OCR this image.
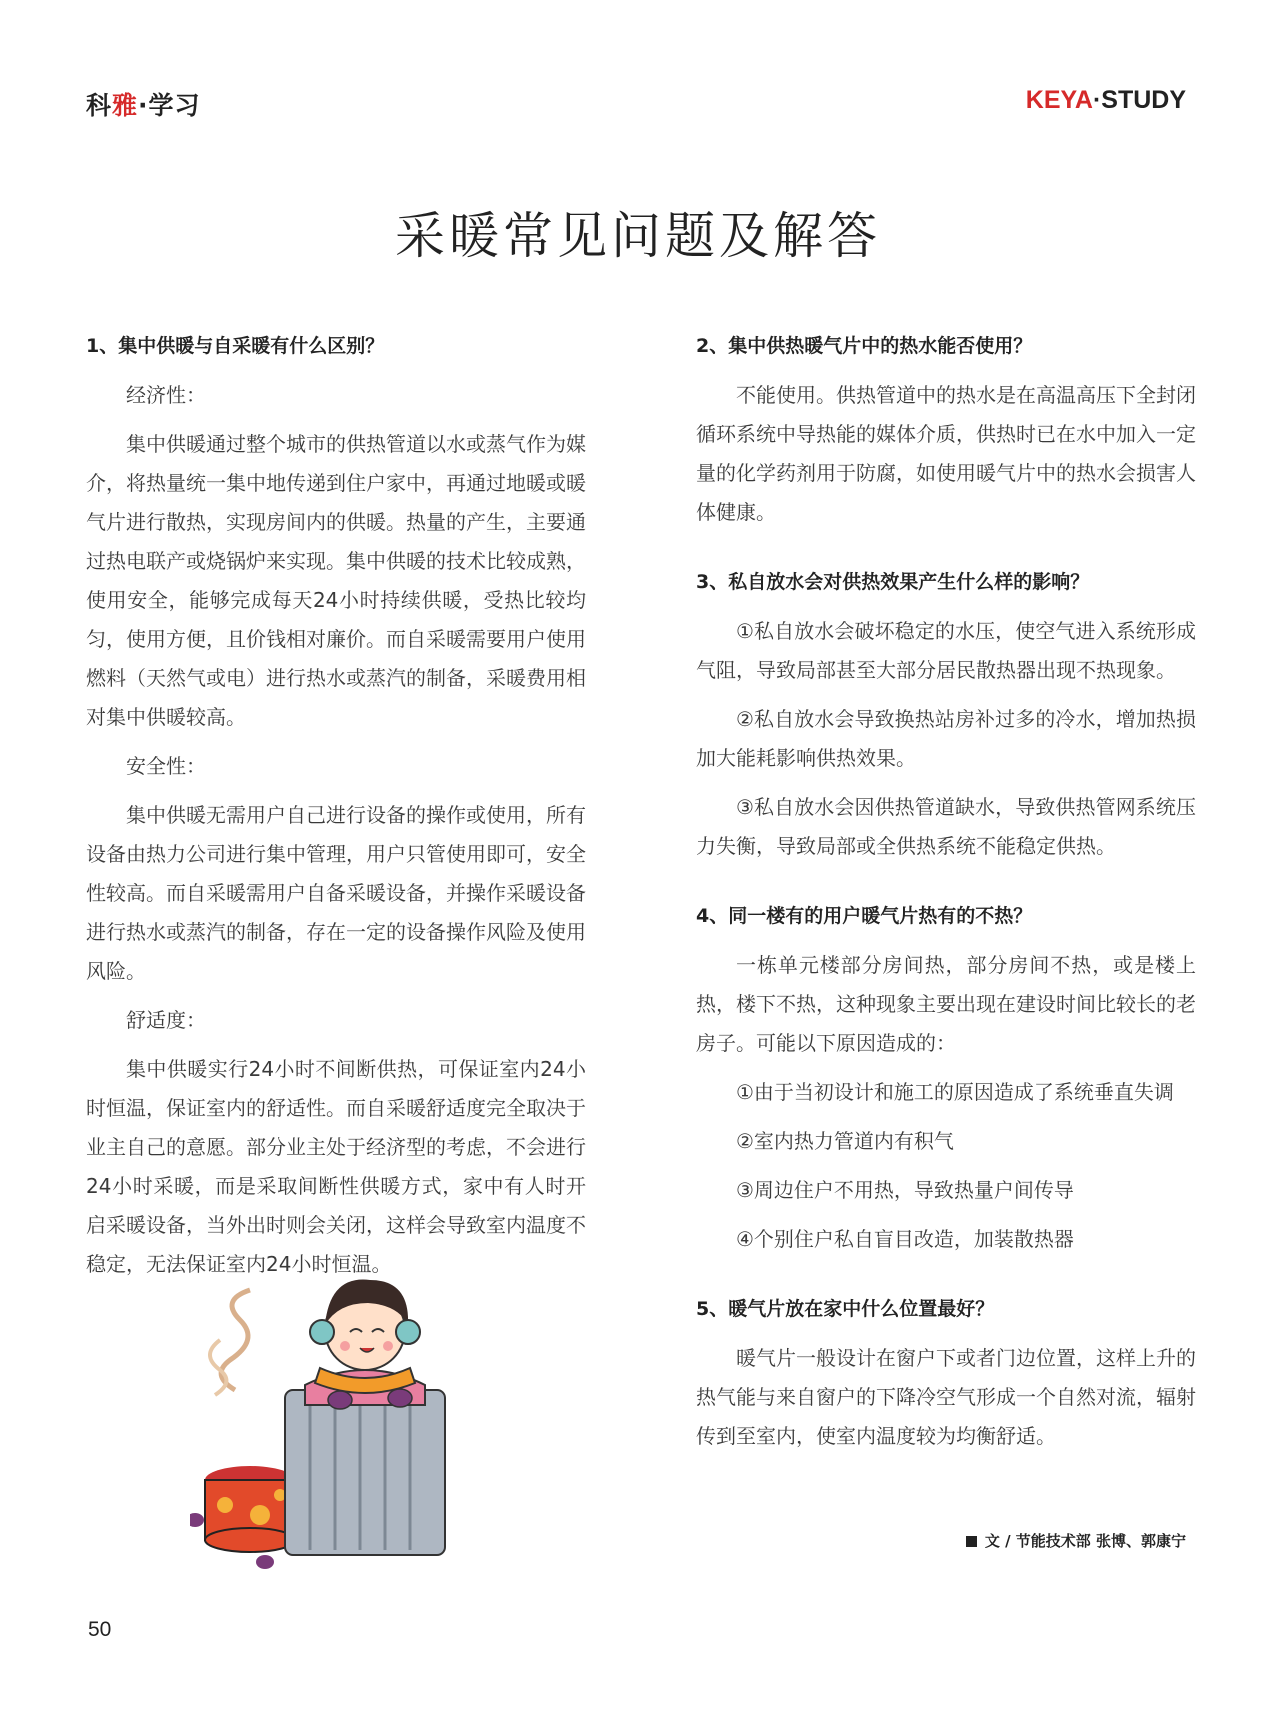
科雅·学习	KEYA·STUDY
采暖常见问题及解答
1、集中供暖与自采暖有什么区别？
经济性：
集中供暖通过整个城市的供热管道以水或蒸气作为媒介，将热量统一集中地传递到住户家中，再通过地暖或暖气片进行散热，实现房间内的供暖。热量的产生，主要通过热电联产或烧锅炉来实现。集中供暖的技术比较成熟，使用安全，能够完成每天24小时持续供暖，受热比较均匀，使用方便，且价钱相对廉价。而自采暖需要用户使用燃料（天然气或电）进行热水或蒸汽的制备，采暖费用相对集中供暖较高。
安全性：
集中供暖无需用户自己进行设备的操作或使用，所有设备由热力公司进行集中管理，用户只管使用即可，安全性较高。而自采暖需用户自备采暖设备，并操作采暖设备进行热水或蒸汽的制备，存在一定的设备操作风险及使用风险。
舒适度：
集中供暖实行24小时不间断供热，可保证室内24小时恒温，保证室内的舒适性。而自采暖舒适度完全取决于业主自己的意愿。部分业主处于经济型的考虑，不会进行24小时采暖，而是采取间断性供暖方式，家中有人时开启采暖设备，当外出时则会关闭，这样会导致室内温度不稳定，无法保证室内24小时恒温。
2、集中供热暖气片中的热水能否使用？
不能使用。供热管道中的热水是在高温高压下全封闭循环系统中导热能的媒体介质，供热时已在水中加入一定量的化学药剂用于防腐，如使用暖气片中的热水会损害人体健康。
3、私自放水会对供热效果产生什么样的影响？
①私自放水会破坏稳定的水压，使空气进入系统形成气阻，导致局部甚至大部分居民散热器出现不热现象。
②私自放水会导致换热站房补过多的冷水，增加热损加大能耗影响供热效果。
③私自放水会因供热管道缺水，导致供热管网系统压力失衡，导致局部或全供热系统不能稳定供热。
4、同一楼有的用户暖气片热有的不热？
一栋单元楼部分房间热，部分房间不热，或是楼上热，楼下不热，这种现象主要出现在建设时间比较长的老房子。可能以下原因造成的：
①由于当初设计和施工的原因造成了系统垂直失调
②室内热力管道内有积气
③周边住户不用热，导致热量户间传导
④个别住户私自盲目改造，加装散热器
5、暖气片放在家中什么位置最好？
暖气片一般设计在窗户下或者门边位置，这样上升的热气能与来自窗户的下降冷空气形成一个自然对流，辐射传到至室内，使室内温度较为均衡舒适。
文 / 节能技术部 张博、郭康宁
50
